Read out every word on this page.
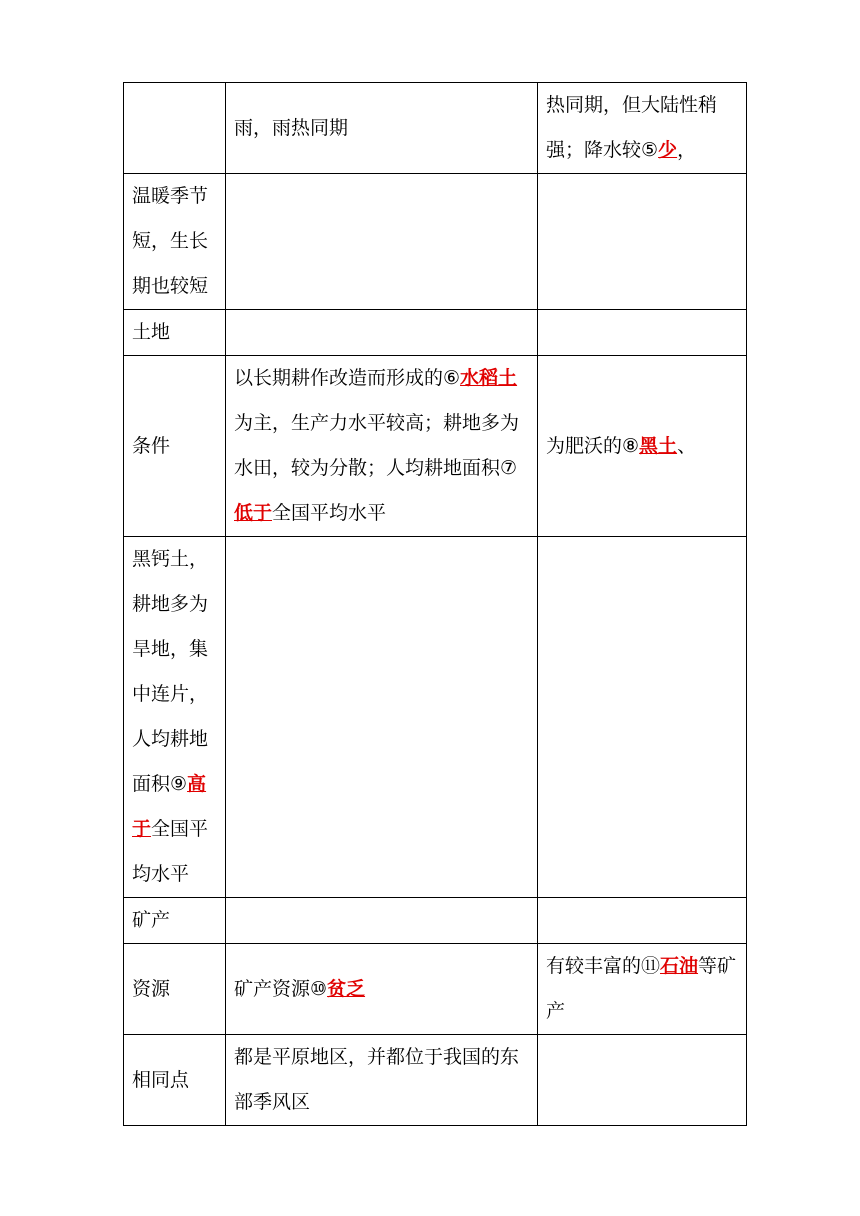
	雨，雨热同期	热同期，但大陆性稍强；降水较⑤少，
温暖季节短，生长期也较短		
土地		
条件	以长期耕作改造而形成的⑥水稻土为主，生产力水平较高；耕地多为水田，较为分散；人均耕地面积⑦低于全国平均水平	为肥沃的⑧黑土、
黑钙土，耕地多为旱地，集中连片，人均耕地面积⑨高于全国平均水平		
矿产		
资源	矿产资源⑩贫乏	有较丰富的⑪石油等矿产
相同点	都是平原地区，并都位于我国的东部季风区	
